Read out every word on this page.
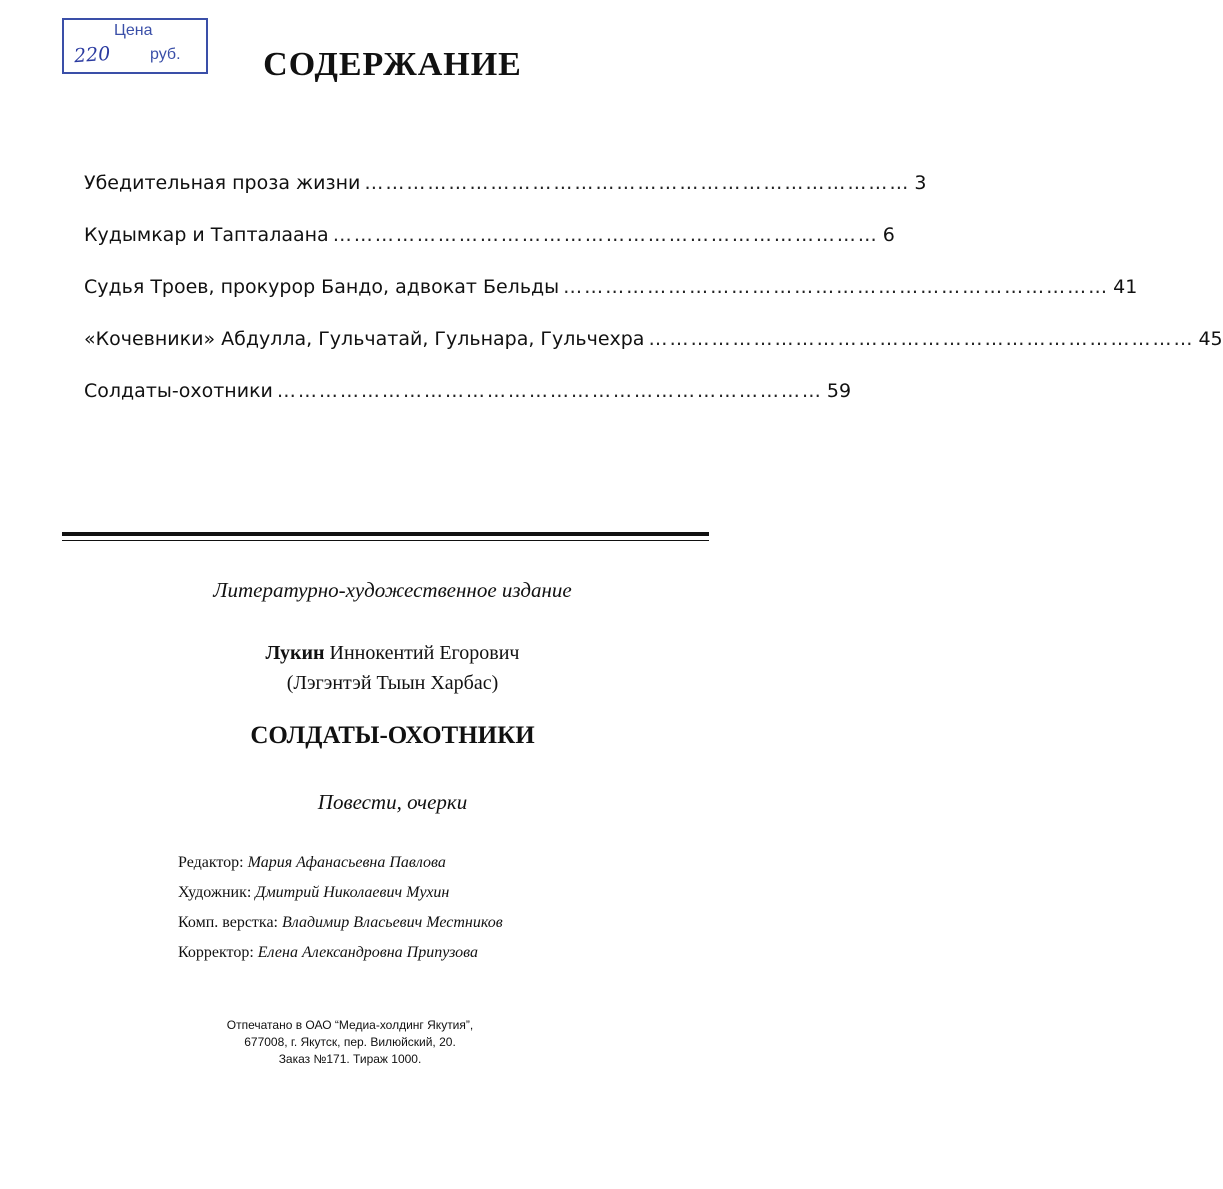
Цена
220 руб.	СОДЕРЖАНИЕ
Убедительная проза жизни …………………………………………………………………… 3
Кудымкар и Тапталаана …………………………………………………………………… 6
Судья Троев, прокурор Бандо, адвокат Бельды …………………………………………………………………… 41
«Кочевники» Абдулла, Гульчатай, Гульнара, Гульчехра …………………………………………………………………… 45
Солдаты-охотники …………………………………………………………………… 59
Литературно-художественное издание
Лукин Иннокентий Егорович
(Лэгэнтэй Тыын Харбас)
СОЛДАТЫ-ОХОТНИКИ
Повести, очерки
Редактор: Мария Афанасьевна Павлова
Художник: Дмитрий Николаевич Мухин
Комп. верстка: Владимир Власьевич Местников
Корректор: Елена Александровна Припузова
Отпечатано в ОАО “Медиа-холдинг Якутия”,
677008, г. Якутск, пер. Вилюйский, 20.
Заказ №171. Тираж 1000.
